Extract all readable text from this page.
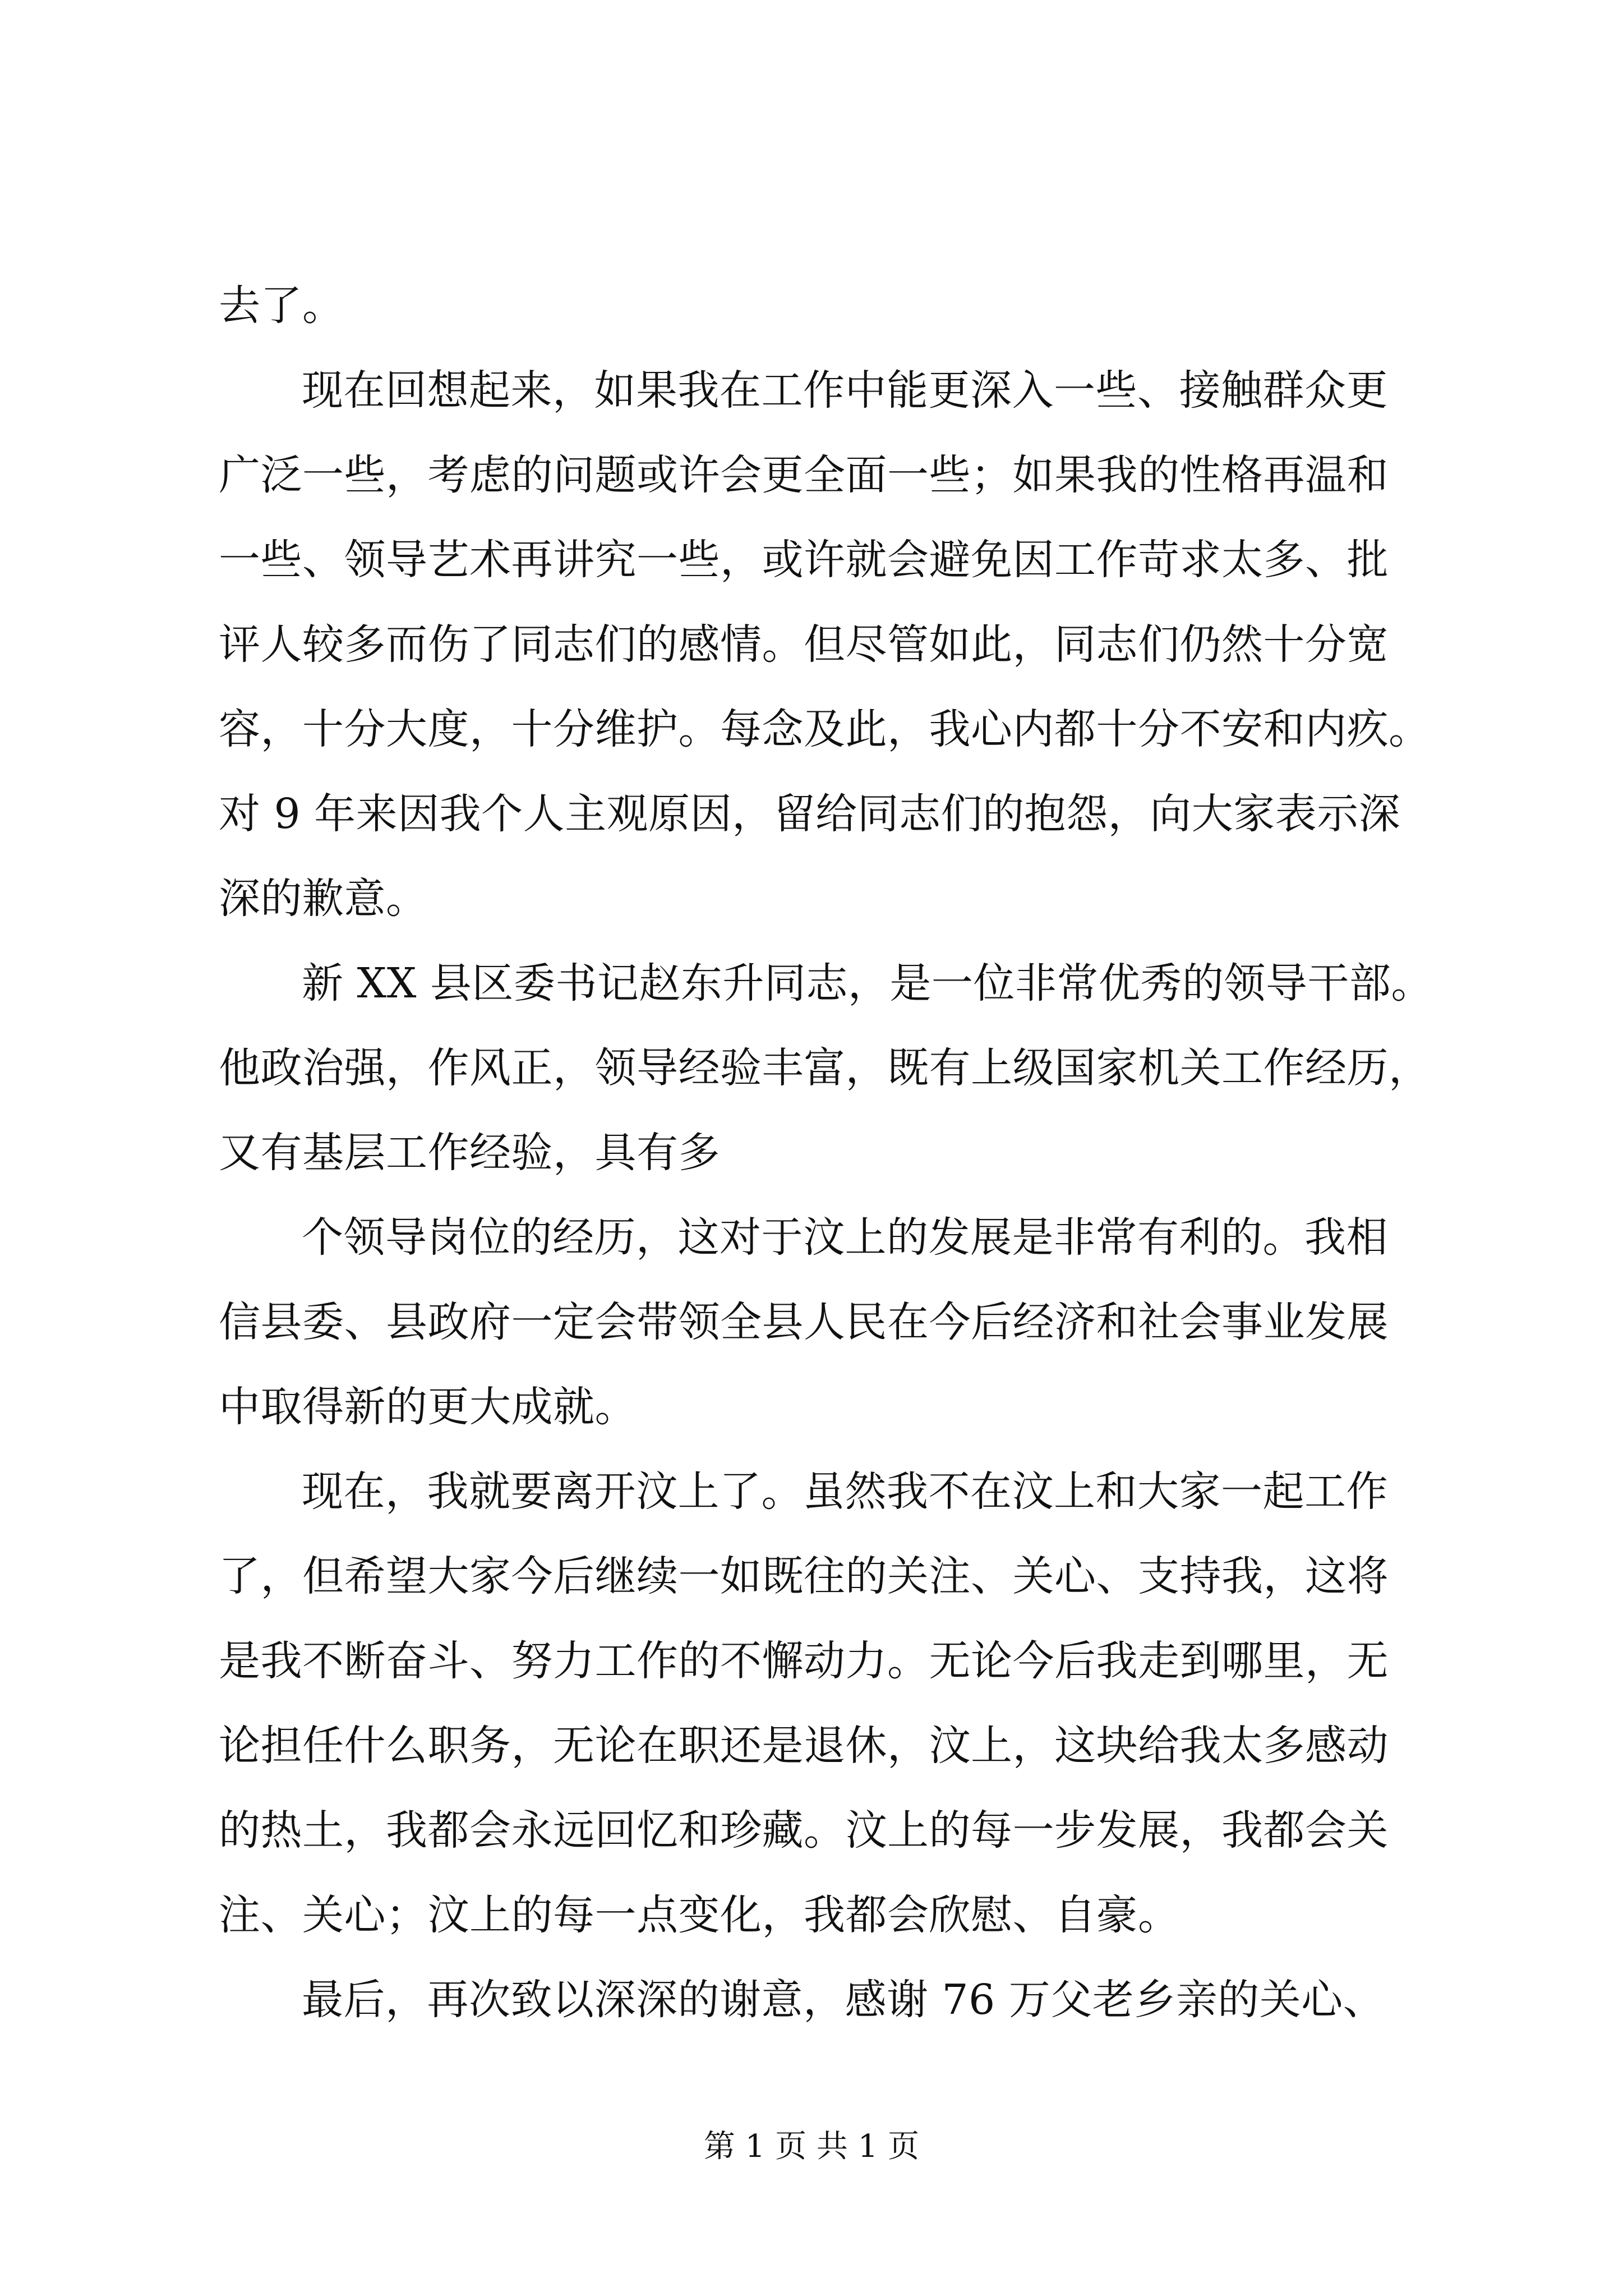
去了。
现在回想起来，如果我在工作中能更深入一些、接触群众更
广泛一些，考虑的问题或许会更全面一些；如果我的性格再温和
一些、领导艺术再讲究一些，或许就会避免因工作苛求太多、批
评人较多而伤了同志们的感情。但尽管如此，同志们仍然十分宽
容，十分大度，十分维护。每念及此，我心内都十分不安和内疚。
对 9 年来因我个人主观原因，留给同志们的抱怨，向大家表示深
深的歉意。
新 XX 县区委书记赵东升同志，是一位非常优秀的领导干部。
他政治强，作风正，领导经验丰富，既有上级国家机关工作经历，
又有基层工作经验，具有多
个领导岗位的经历，这对于汶上的发展是非常有利的。我相
信县委、县政府一定会带领全县人民在今后经济和社会事业发展
中取得新的更大成就。
现在，我就要离开汶上了。虽然我不在汶上和大家一起工作
了，但希望大家今后继续一如既往的关注、关心、支持我，这将
是我不断奋斗、努力工作的不懈动力。无论今后我走到哪里，无
论担任什么职务，无论在职还是退休，汶上，这块给我太多感动
的热土，我都会永远回忆和珍藏。汶上的每一步发展，我都会关
注、关心；汶上的每一点变化，我都会欣慰、自豪。
最后，再次致以深深的谢意，感谢 76 万父老乡亲的关心、
第 1 页 共 1 页
